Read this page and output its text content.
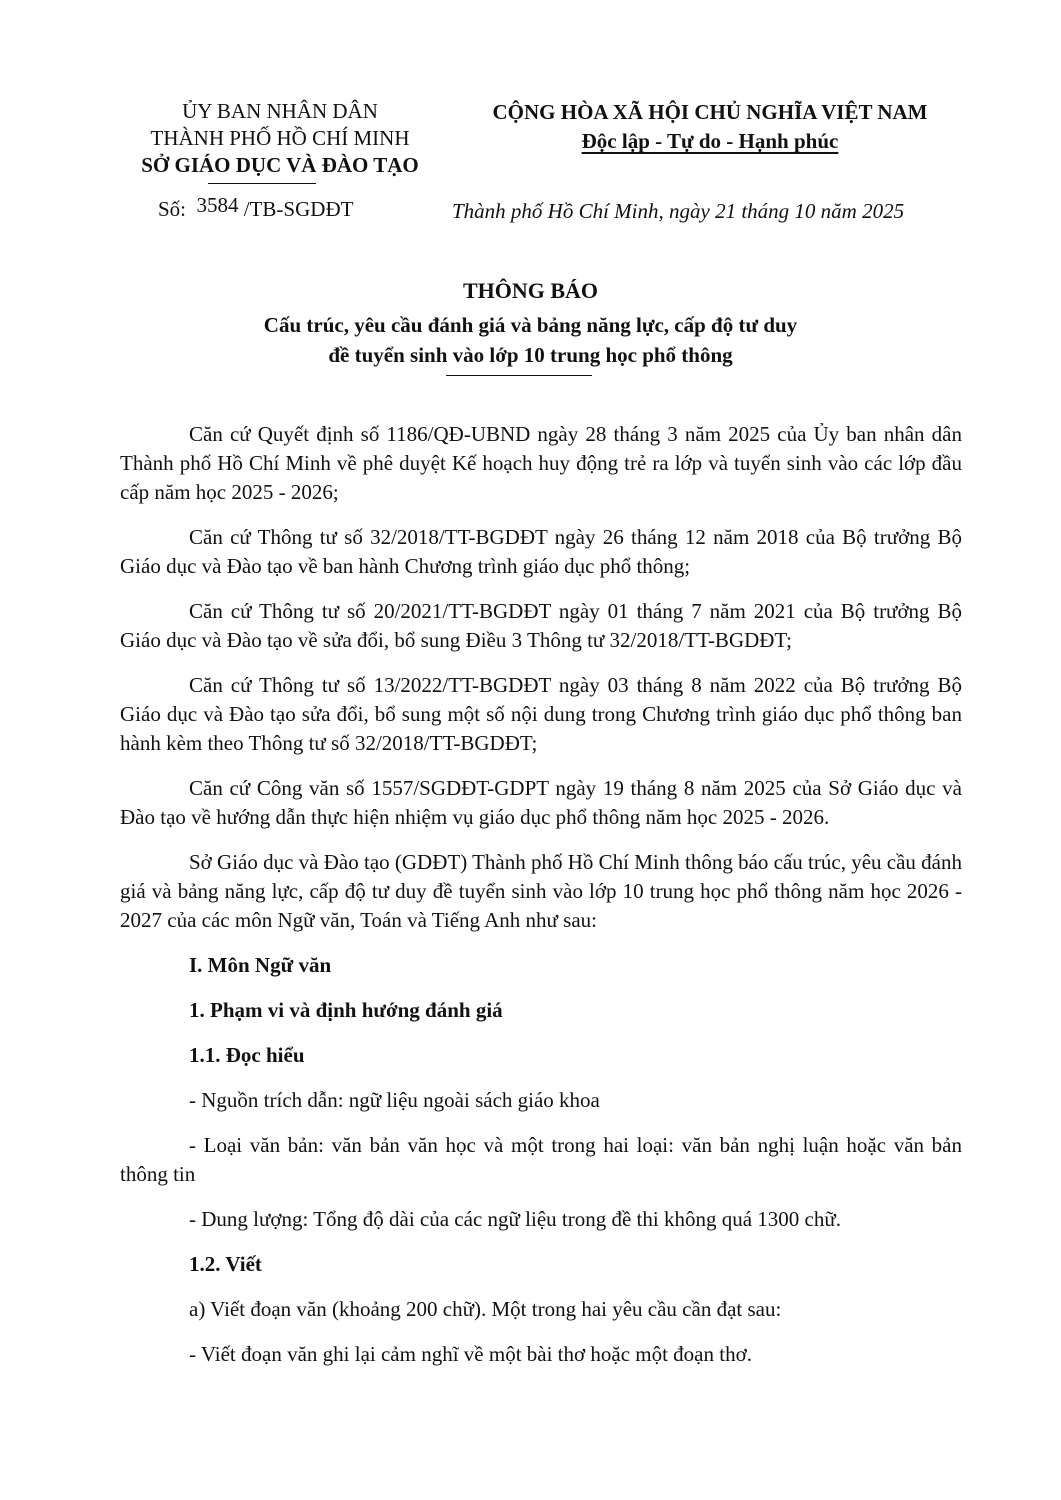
ỦY BAN NHÂN DÂN
THÀNH PHỐ HỒ CHÍ MINH
SỞ GIÁO DỤC VÀ ĐÀO TẠO
Số: 3584 /TB-SGDĐT
CỘNG HÒA XÃ HỘI CHỦ NGHĨA VIỆT NAM
Độc lập - Tự do - Hạnh phúc
Thành phố Hồ Chí Minh, ngày 21 tháng 10 năm 2025
THÔNG BÁO
Cấu trúc, yêu cầu đánh giá và bảng năng lực, cấp độ tư duy
đề tuyển sinh vào lớp 10 trung học phổ thông

Căn cứ Quyết định số 1186/QĐ-UBND ngày 28 tháng 3 năm 2025 của Ủy ban nhân dân Thành phố Hồ Chí Minh về phê duyệt Kế hoạch huy động trẻ ra lớp và tuyển sinh vào các lớp đầu cấp năm học 2025 - 2026;

Căn cứ Thông tư số 32/2018/TT-BGDĐT ngày 26 tháng 12 năm 2018 của Bộ trưởng Bộ Giáo dục và Đào tạo về ban hành Chương trình giáo dục phổ thông;

Căn cứ Thông tư số 20/2021/TT-BGDĐT ngày 01 tháng 7 năm 2021 của Bộ trưởng Bộ Giáo dục và Đào tạo về sửa đổi, bổ sung Điều 3 Thông tư 32/2018/TT-BGDĐT;

Căn cứ Thông tư số 13/2022/TT-BGDĐT ngày 03 tháng 8 năm 2022 của Bộ trưởng Bộ Giáo dục và Đào tạo sửa đổi, bổ sung một số nội dung trong Chương trình giáo dục phổ thông ban hành kèm theo Thông tư số 32/2018/TT-BGDĐT;

Căn cứ Công văn số 1557/SGDĐT-GDPT ngày 19 tháng 8 năm 2025 của Sở Giáo dục và Đào tạo về hướng dẫn thực hiện nhiệm vụ giáo dục phổ thông năm học 2025 - 2026.

Sở Giáo dục và Đào tạo (GDĐT) Thành phố Hồ Chí Minh thông báo cấu trúc, yêu cầu đánh giá và bảng năng lực, cấp độ tư duy đề tuyển sinh vào lớp 10 trung học phổ thông năm học 2026 - 2027 của các môn Ngữ văn, Toán và Tiếng Anh như sau:

I. Môn Ngữ văn

1. Phạm vi và định hướng đánh giá

1.1. Đọc hiểu

- Nguồn trích dẫn: ngữ liệu ngoài sách giáo khoa

- Loại văn bản: văn bản văn học và một trong hai loại: văn bản nghị luận hoặc văn bản thông tin

- Dung lượng: Tổng độ dài của các ngữ liệu trong đề thi không quá 1300 chữ.

1.2. Viết

a) Viết đoạn văn (khoảng 200 chữ). Một trong hai yêu cầu cần đạt sau:

- Viết đoạn văn ghi lại cảm nghĩ về một bài thơ hoặc một đoạn thơ.
